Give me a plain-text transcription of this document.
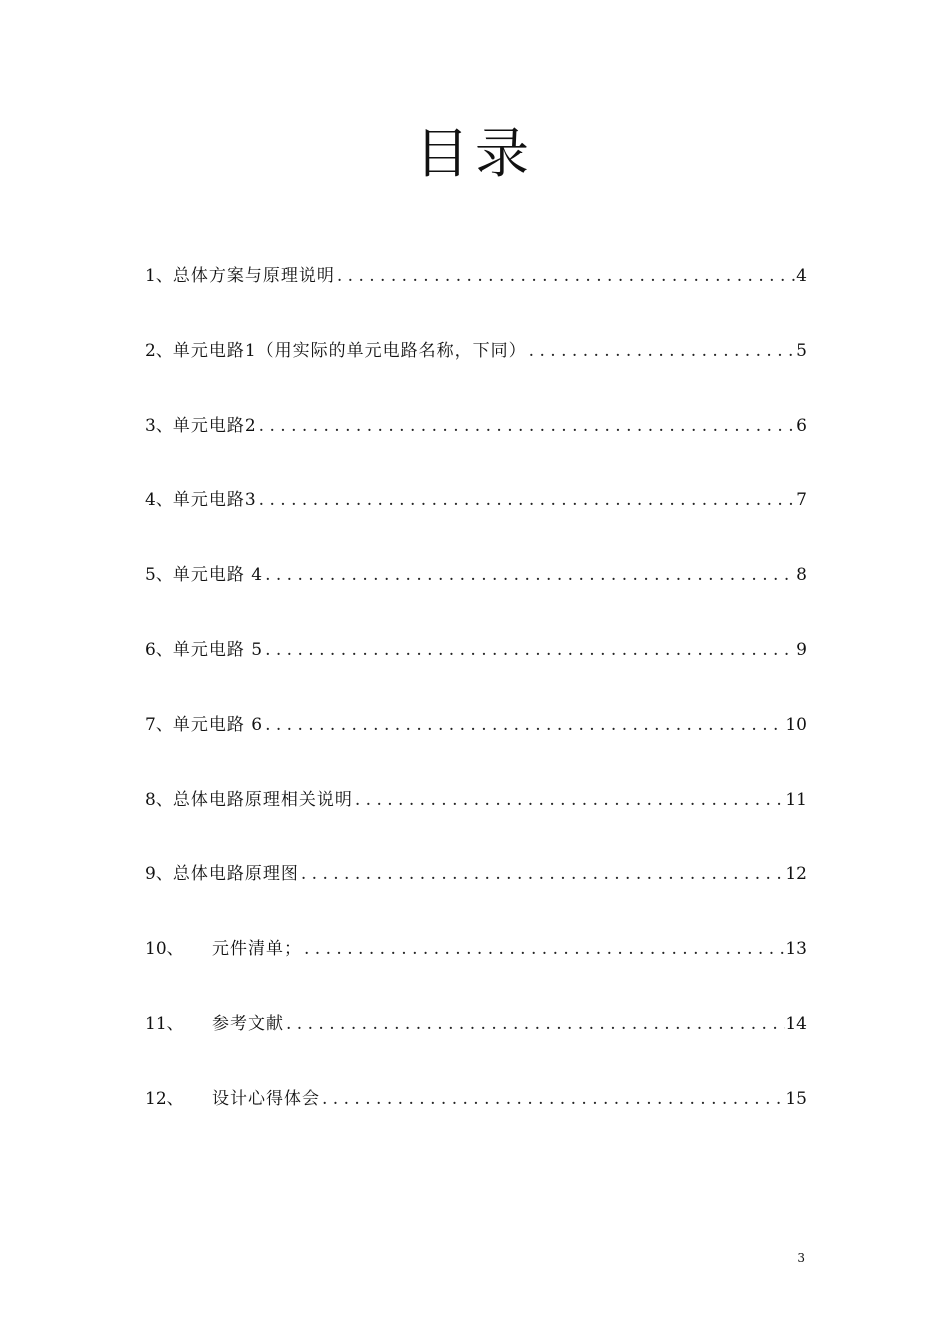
目录
1、 总体方案与原理说明 . . .	4
2、 单元电路1（用实际的单元电路名称，下同） . . .	5
3、 单元电路2 . . .	6
4、 单元电路3 . . .	7
5、 单元电路 4 . . .	8
6、 单元电路 5 . . .	9
7、 单元电路 6 . . .	10
8、 总体电路原理相关说明 . . .	11
9、 总体电路原理图 . . .	12
10、	元件清单； . . .	13
11、	参考文献 . . .	14
12、	设计心得体会 . . .	15
3
